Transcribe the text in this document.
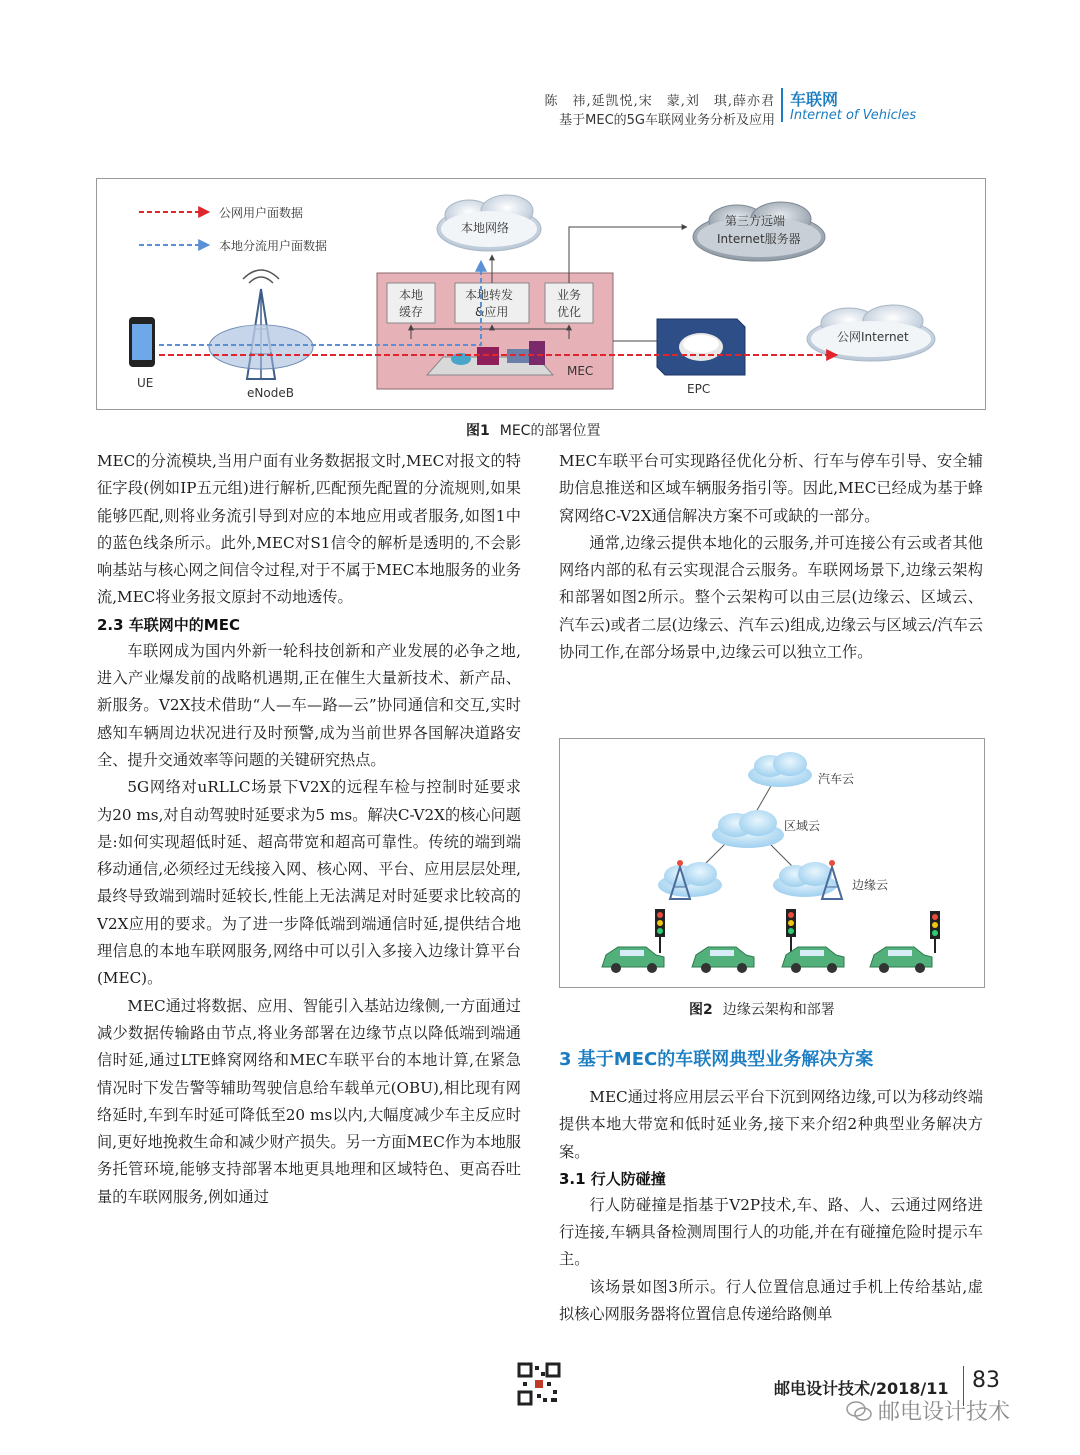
陈　祎,延凯悦,宋　蒙,刘　琪,薛亦君
基于MEC的5G车联网业务分析及应用
车联网
Internet of Vehicles
公网用户面数据
本地分流用户面数据
本地网络	第三方远端
Internet服务器
公网Internet
本地
缓存
本地转发
&应用
业务
优化
MEC
EPC
UE
eNodeB
图1 MEC的部署位置

MEC的分流模块,当用户面有业务数据报文时,MEC对报文的特征字段(例如IP五元组)进行解析,匹配预先配置的分流规则,如果能够匹配,则将业务流引导到对应的本地应用或者服务,如图1中的蓝色线条所示。此外,MEC对S1信令的解析是透明的,不会影响基站与核心网之间信令过程,对于不属于MEC本地服务的业务流,MEC将业务报文原封不动地透传。

2.3 车联网中的MEC

车联网成为国内外新一轮科技创新和产业发展的必争之地,进入产业爆发前的战略机遇期,正在催生大量新技术、新产品、新服务。V2X技术借助“人—车—路—云”协同通信和交互,实时感知车辆周边状况进行及时预警,成为当前世界各国解决道路安全、提升交通效率等问题的关键研究热点。

5G网络对uRLLC场景下V2X的远程车检与控制时延要求为20 ms,对自动驾驶时延要求为5 ms。解决C-V2X的核心问题是:如何实现超低时延、超高带宽和超高可靠性。传统的端到端移动通信,必须经过无线接入网、核心网、平台、应用层层处理,最终导致端到端时延较长,性能上无法满足对时延要求比较高的V2X应用的要求。为了进一步降低端到端通信时延,提供结合地理信息的本地车联网服务,网络中可以引入多接入边缘计算平台(MEC)。

MEC通过将数据、应用、智能引入基站边缘侧,一方面通过减少数据传输路由节点,将业务部署在边缘节点以降低端到端通信时延,通过LTE蜂窝网络和MEC车联平台的本地计算,在紧急情况时下发告警等辅助驾驶信息给车载单元(OBU),相比现有网络延时,车到车时延可降低至20 ms以内,大幅度减少车主反应时间,更好地挽救生命和减少财产损失。另一方面MEC作为本地服务托管环境,能够支持部署本地更具地理和区域特色、更高吞吐量的车联网服务,例如通过

MEC车联平台可实现路径优化分析、行车与停车引导、安全辅助信息推送和区域车辆服务指引等。因此,MEC已经成为基于蜂窝网络C-V2X通信解决方案不可或缺的一部分。

通常,边缘云提供本地化的云服务,并可连接公有云或者其他网络内部的私有云实现混合云服务。车联网场景下,边缘云架构和部署如图2所示。整个云架构可以由三层(边缘云、区域云、汽车云)或者二层(边缘云、汽车云)组成,边缘云与区域云/汽车云协同工作,在部分场景中,边缘云可以独立工作。

汽车云
区域云
边缘云
图2 边缘云架构和部署
3 基于MEC的车联网典型业务解决方案

MEC通过将应用层云平台下沉到网络边缘,可以为移动终端提供本地大带宽和低时延业务,接下来介绍2种典型业务解决方案。

3.1 行人防碰撞

行人防碰撞是指基于V2P技术,车、路、人、云通过网络进行连接,车辆具备检测周围行人的功能,并在有碰撞危险时提示车主。

该场景如图3所示。行人位置信息通过手机上传给基站,虚拟核心网服务器将位置信息传递给路侧单

邮电设计技术/2018/11 83
邮电设计技术
